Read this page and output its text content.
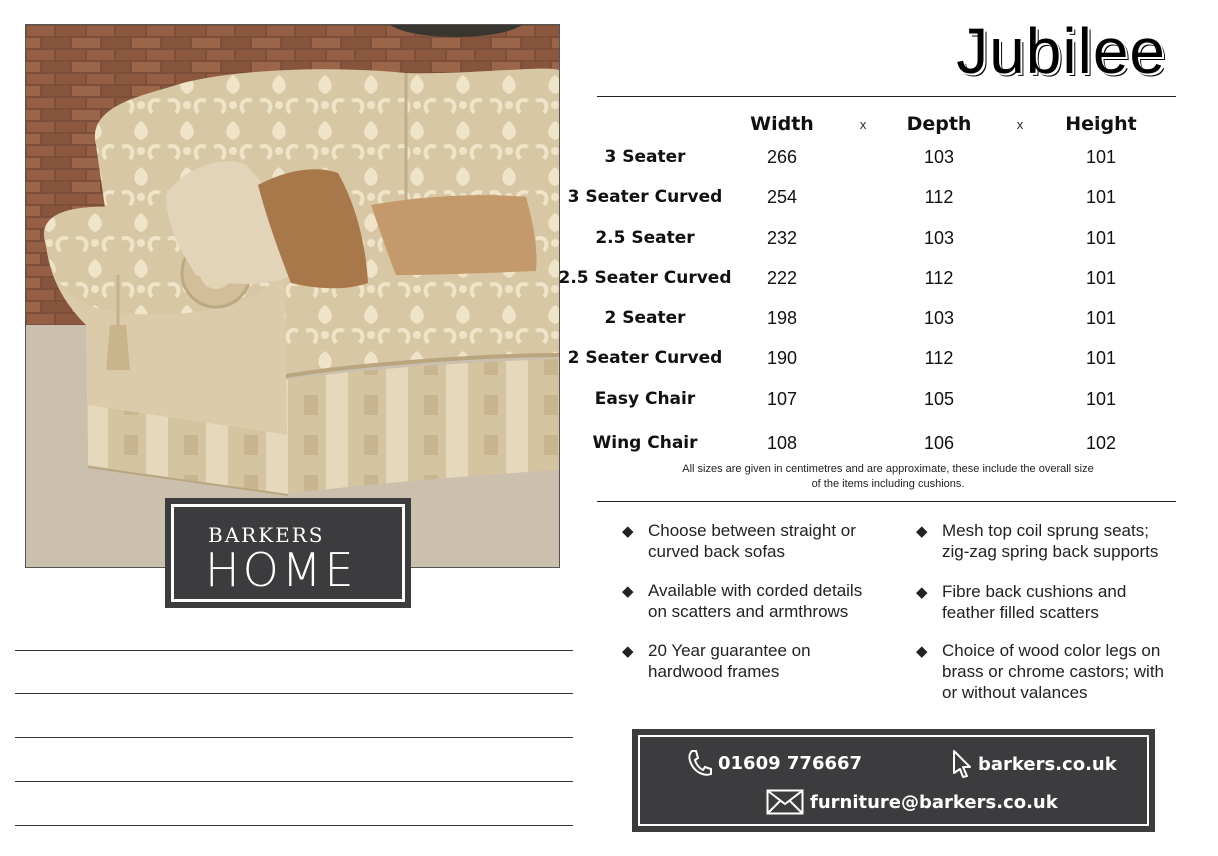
BARKERS
HOME
Jubilee
Width	x Depth	x Height
3 Seater	266	103	101
3 Seater Curved 254	112	101
2.5 Seater	232	103	101
2.5 Seater Curved 222	112	101
2 Seater	198	103	101
2 Seater Curved 190	112	101
Easy Chair	107	105	101
Wing Chair	108	106	102
All sizes are given in centimetres and are approximate, these include the overall size
of the items including cushions.
◆ Choose between straight or
curved back sofas
◆ Available with corded details
on scatters and armthrows
◆ 20 Year guarantee on
hardwood frames
◆ Mesh top coil sprung seats;
zig-zag spring back supports
◆ Fibre back cushions and
feather filled scatters
◆ Choice of wood color legs on
brass or chrome castors; with
or without valances
01609 776667	barkers.co.uk
furniture@barkers.co.uk
